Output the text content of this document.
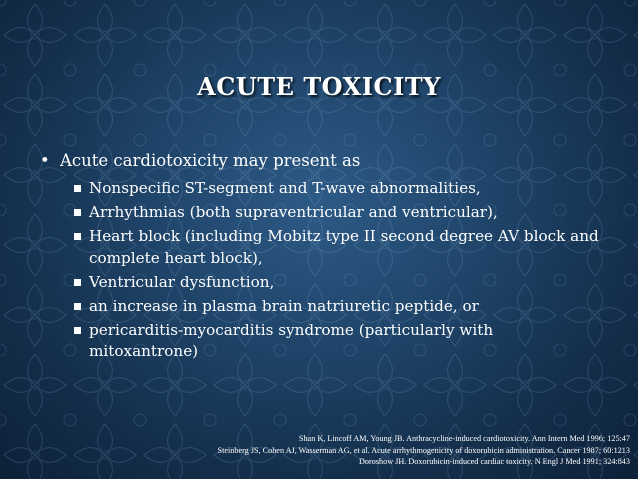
ACUTE TOXICITY
• Acute cardiotoxicity may present as
Nonspecific ST-segment and T-wave abnormalities,
Arrhythmias (both supraventricular and ventricular),
Heart block (including Mobitz type II second degree AV block and complete heart block),
Ventricular dysfunction,
an increase in plasma brain natriuretic peptide, or
pericarditis-myocarditis syndrome (particularly with mitoxantrone)
Shan K, Lincoff AM, Young JB. Anthracycline-induced cardiotoxicity. Ann Intern Med 1996; 125:47
Steinberg JS, Cohen AJ, Wasserman AG, et al. Acute arrhythmogenicity of doxorubicin administration. Cancer 1987; 60:1213
Doroshow JH. Doxorubicin-induced cardiac toxicity. N Engl J Med 1991; 324:843
